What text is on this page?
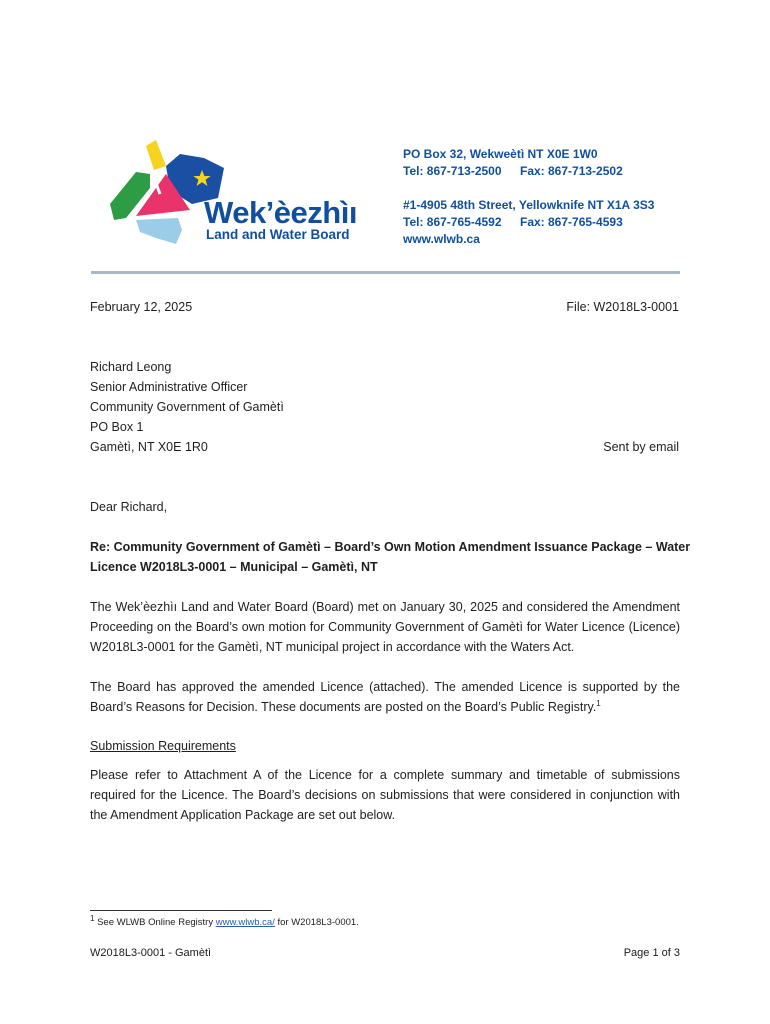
Wek’èezhìı
Land and Water Board
PO Box 32, Wekweètì NT X0E 1W0
Tel: 867-713-2500 Fax: 867-713-2502
#1-4905 48th Street, Yellowknife NT X1A 3S3
Tel: 867-765-4592 Fax: 867-765-4593
www.wlwb.ca
February 12, 2025	File: W2018L3-0001
Richard Leong
Senior Administrative Officer
Community Government of Gamètì
PO Box 1
Gamètì, NT X0E 1R0	Sent by email
Dear Richard,
Re: Community Government of Gamètì – Board’s Own Motion Amendment Issuance Package – Water
Licence W2018L3-0001 – Municipal – Gamètì, NT
The Wek’èezhìı Land and Water Board (Board) met on January 30, 2025 and considered the Amendment Proceeding on the Board’s own motion for Community Government of Gamètì for Water Licence (Licence) W2018L3-0001 for the Gamètì, NT municipal project in accordance with the Waters Act.
The Board has approved the amended Licence (attached). The amended Licence is supported by the Board’s Reasons for Decision. These documents are posted on the Board’s Public Registry.$^1$
Submission Requirements
Please refer to Attachment A of the Licence for a complete summary and timetable of submissions required for the Licence. The Board’s decisions on submissions that were considered in conjunction with the Amendment Application Package are set out below.
$^1$ See WLWB Online Registry www.wlwb.ca/ for W2018L3-0001.
W2018L3-0001 - Gamètì	Page 1 of 3
